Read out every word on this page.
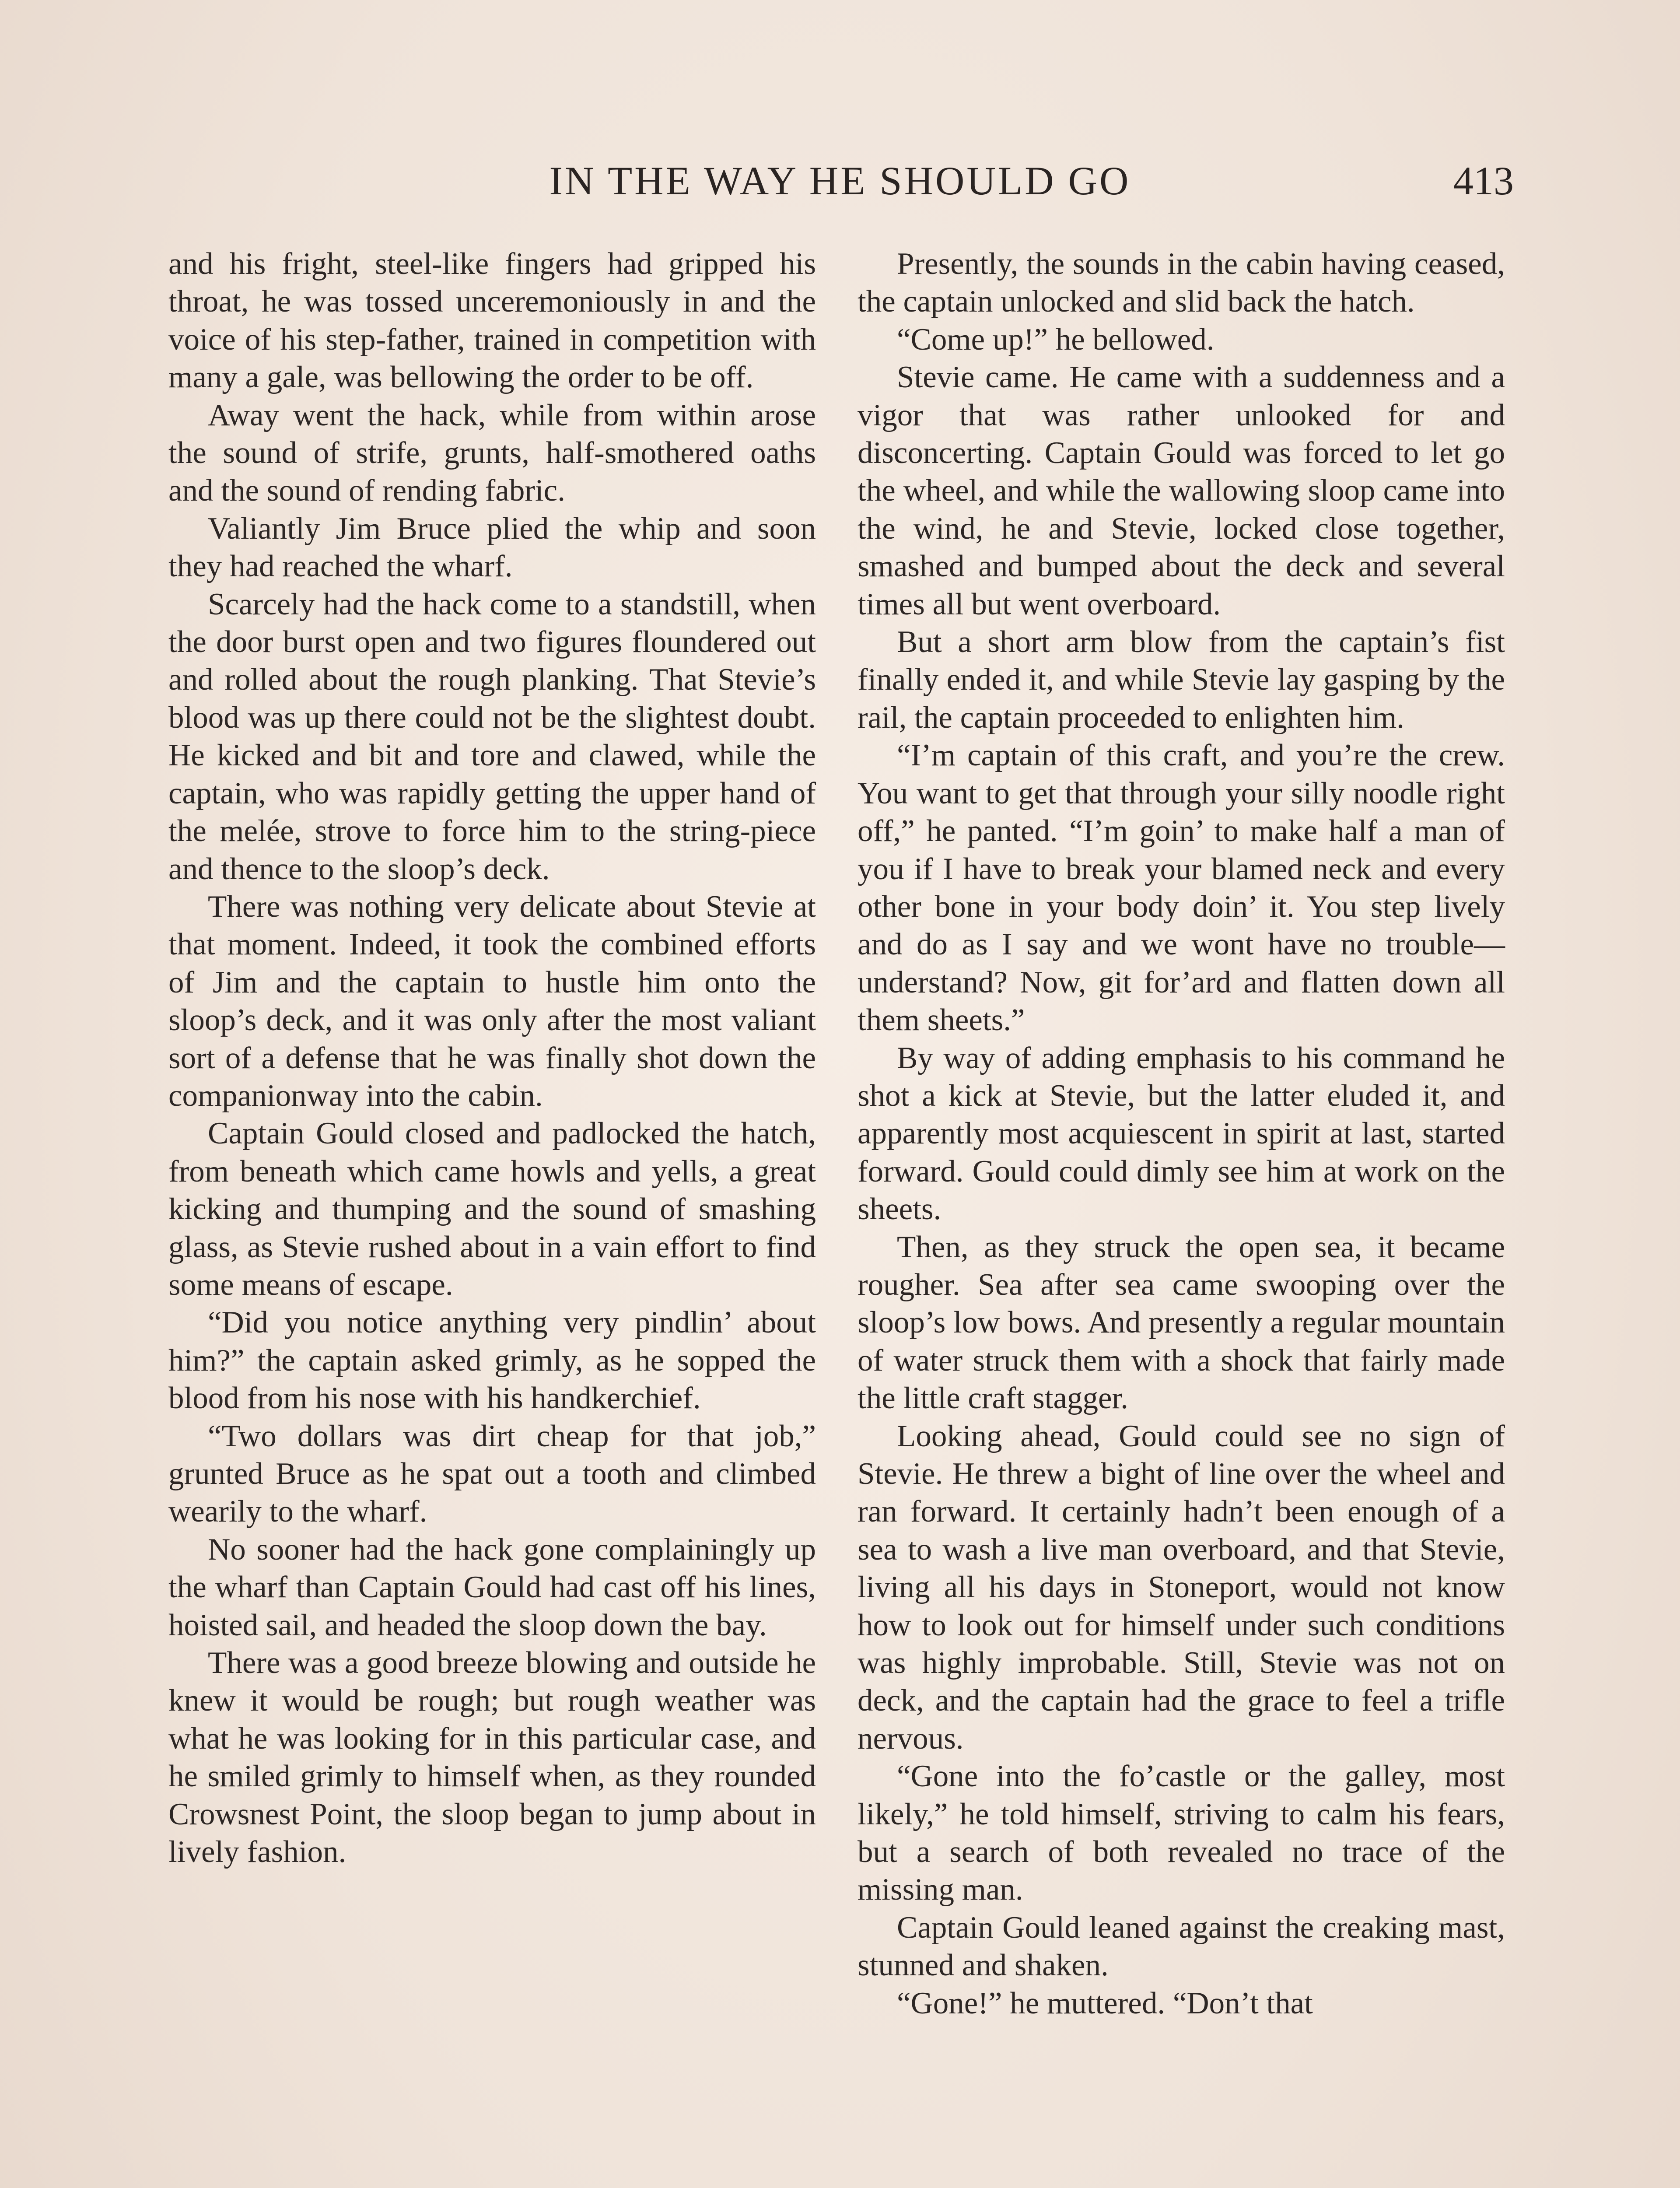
IN THE WAY HE SHOULD GO	413

and his fright, steel-like fingers had gripped his throat, he was tossed unceremoniously in and the voice of his step-father, trained in competition with many a gale, was bellowing the order to be off.

Away went the hack, while from within arose the sound of strife, grunts, half-smothered oaths and the sound of rending fabric.

Valiantly Jim Bruce plied the whip and soon they had reached the wharf.

Scarcely had the hack come to a standstill, when the door burst open and two figures floundered out and rolled about the rough planking. That Stevie’s blood was up there could not be the slightest doubt. He kicked and bit and tore and clawed, while the captain, who was rapidly getting the upper hand of the melée, strove to force him to the string-piece and thence to the sloop’s deck.

There was nothing very delicate about Stevie at that moment. Indeed, it took the combined efforts of Jim and the captain to hustle him onto the sloop’s deck, and it was only after the most valiant sort of a defense that he was finally shot down the companionway into the cabin.

Captain Gould closed and padlocked the hatch, from beneath which came howls and yells, a great kicking and thumping and the sound of smashing glass, as Stevie rushed about in a vain effort to find some means of escape.

“Did you notice anything very pindlin’ about him?” the captain asked grimly, as he sopped the blood from his nose with his handkerchief.

“Two dollars was dirt cheap for that job,” grunted Bruce as he spat out a tooth and climbed wearily to the wharf.

No sooner had the hack gone complainingly up the wharf than Captain Gould had cast off his lines, hoisted sail, and headed the sloop down the bay.

There was a good breeze blowing and outside he knew it would be rough; but rough weather was what he was looking for in this particular case, and he smiled grimly to himself when, as they rounded Crowsnest Point, the sloop began to jump about in lively fashion.

Presently, the sounds in the cabin having ceased, the captain unlocked and slid back the hatch.

“Come up!” he bellowed.

Stevie came. He came with a suddenness and a vigor that was rather unlooked for and disconcerting. Captain Gould was forced to let go the wheel, and while the wallowing sloop came into the wind, he and Stevie, locked close together, smashed and bumped about the deck and several times all but went overboard.

But a short arm blow from the captain’s fist finally ended it, and while Stevie lay gasping by the rail, the captain proceeded to enlighten him.

“I’m captain of this craft, and you’re the crew. You want to get that through your silly noodle right off,” he panted. “I’m goin’ to make half a man of you if I have to break your blamed neck and every other bone in your body doin’ it. You step lively and do as I say and we wont have no trouble—understand? Now, git for’ard and flatten down all them sheets.”

By way of adding emphasis to his command he shot a kick at Stevie, but the latter eluded it, and apparently most acquiescent in spirit at last, started forward. Gould could dimly see him at work on the sheets.

Then, as they struck the open sea, it became rougher. Sea after sea came swooping over the sloop’s low bows. And presently a regular mountain of water struck them with a shock that fairly made the little craft stagger.

Looking ahead, Gould could see no sign of Stevie. He threw a bight of line over the wheel and ran forward. It certainly hadn’t been enough of a sea to wash a live man overboard, and that Stevie, living all his days in Stoneport, would not know how to look out for himself under such conditions was highly improbable. Still, Stevie was not on deck, and the captain had the grace to feel a trifle nervous.

“Gone into the fo’castle or the galley, most likely,” he told himself, striving to calm his fears, but a search of both revealed no trace of the missing man.

Captain Gould leaned against the creaking mast, stunned and shaken.

“Gone!” he muttered. “Don’t that
